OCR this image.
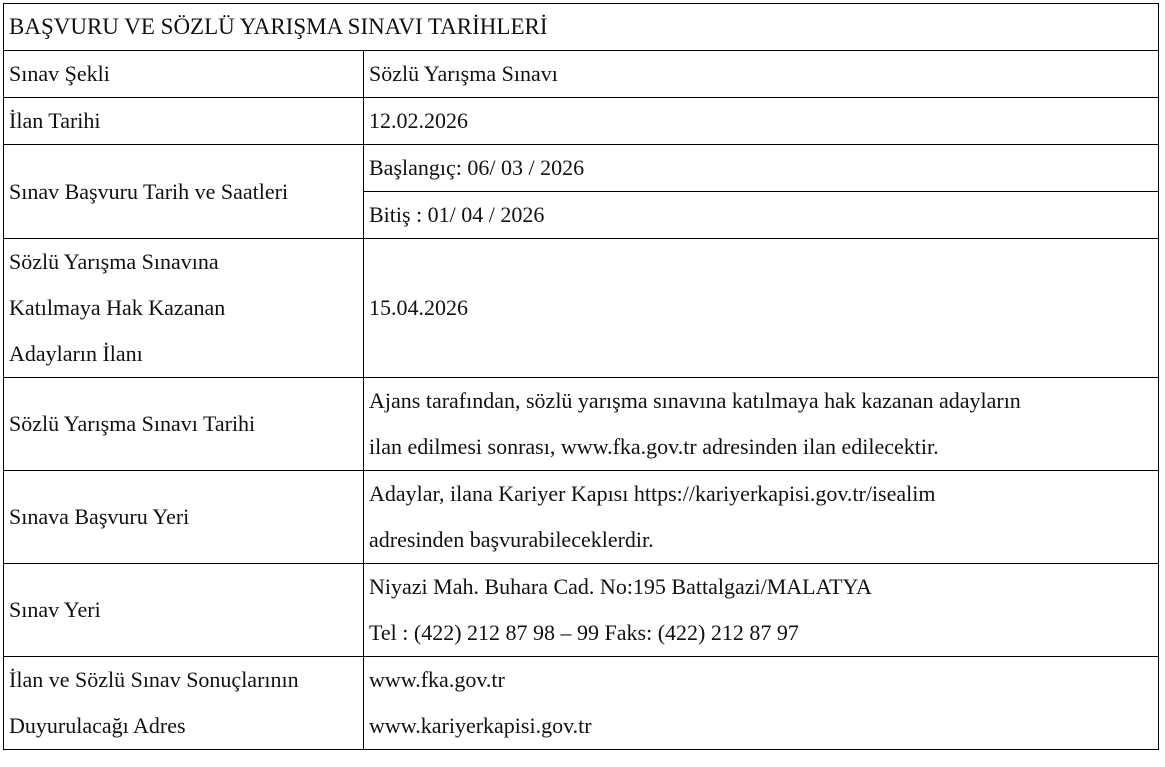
BAŞVURU VE SÖZLÜ YARIŞMA SINAVI TARİHLERİ	
Sınav Şekli	Sözlü Yarışma Sınavı
İlan Tarihi	12.02.2026
Sınav Başvuru Tarih ve Saatleri	Başlangıç: 06/ 03 / 2026
	Bitiş : 01/ 04 / 2026

Sözlü Yarışma Sınavına
Katılmaya Hak Kazanan
Adayların İlanı	15.04.2026
Sözlü Yarışma Sınavı Tarihi	Ajans tarafından, sözlü yarışma sınavına katılmaya hak kazanan adayların
ilan edilmesi sonrası, www.fka.gov.tr adresinden ilan edilecektir.

Sınava Başvuru Yeri	Adaylar, ilana Kariyer Kapısı https://kariyerkapisi.gov.tr/isealim
adresinden başvurabileceklerdir.

Sınav Yeri	Niyazi Mah. Buhara Cad. No:195 Battalgazi/MALATYA
Tel : (422) 212 87 98 – 99 Faks: (422) 212 87 97

İlan ve Sözlü Sınav Sonuçlarının
Duyurulacağı Adres	www.fka.gov.tr
www.kariyerkapisi.gov.tr
